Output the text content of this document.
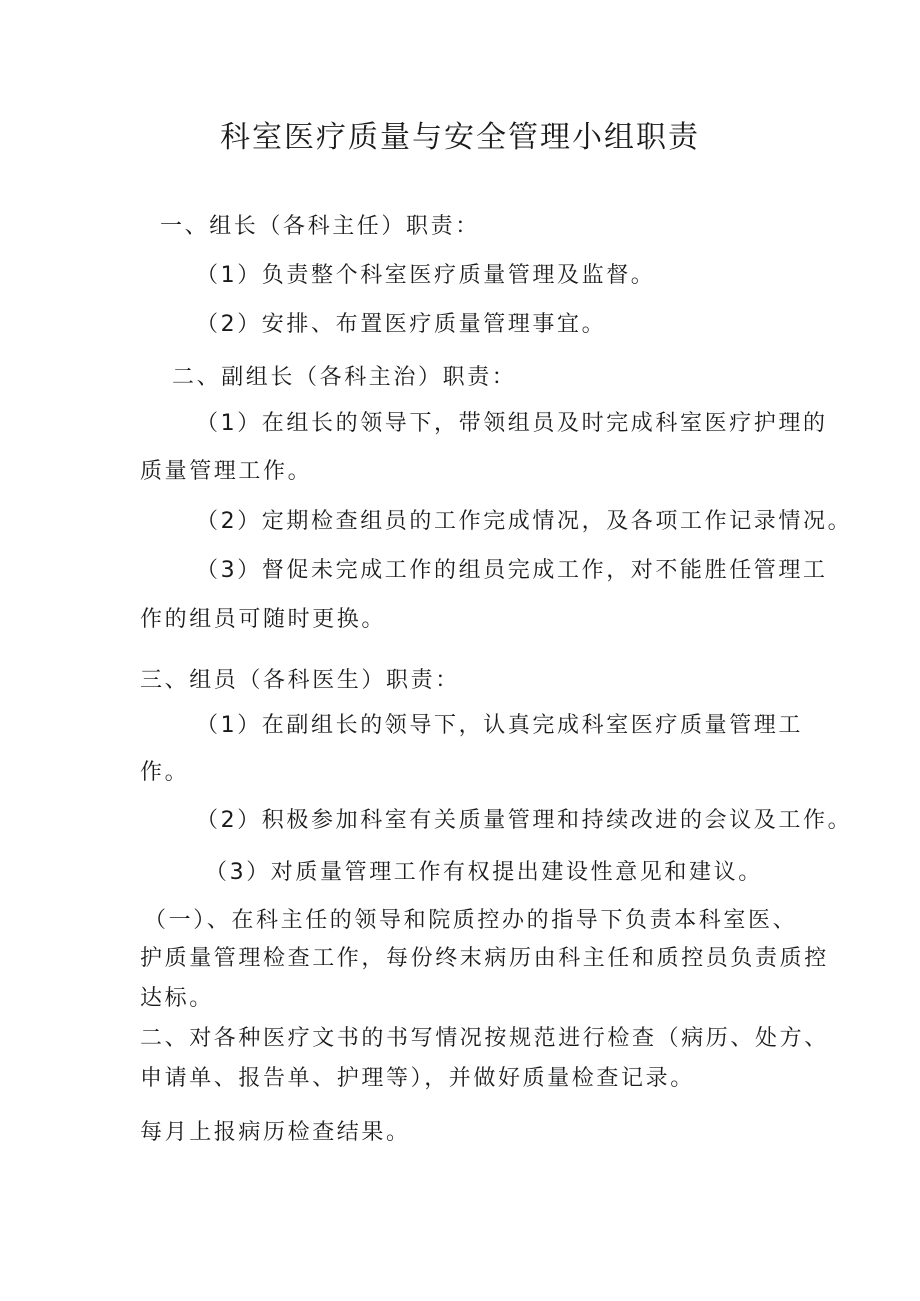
科室医疗质量与安全管理小组职责
一、组长（各科主任）职责：
（1）负责整个科室医疗质量管理及监督。
（2）安排、布置医疗质量管理事宜。
二、副组长（各科主治）职责：
（1）在组长的领导下，带领组员及时完成科室医疗护理的
质量管理工作。
（2）定期检查组员的工作完成情况，及各项工作记录情况。
（3）督促未完成工作的组员完成工作，对不能胜任管理工
作的组员可随时更换。
三、组员（各科医生）职责：
（1）在副组长的领导下，认真完成科室医疗质量管理工
作。
（2）积极参加科室有关质量管理和持续改进的会议及工作。
（3）对质量管理工作有权提出建设性意见和建议。
（一）、在科主任的领导和院质控办的指导下负责本科室医、
护质量管理检查工作，每份终末病历由科主任和质控员负责质控
达标。
二、对各种医疗文书的书写情况按规范进行检查（病历、处方、
申请单、报告单、护理等），并做好质量检查记录。
每月上报病历检查结果。
